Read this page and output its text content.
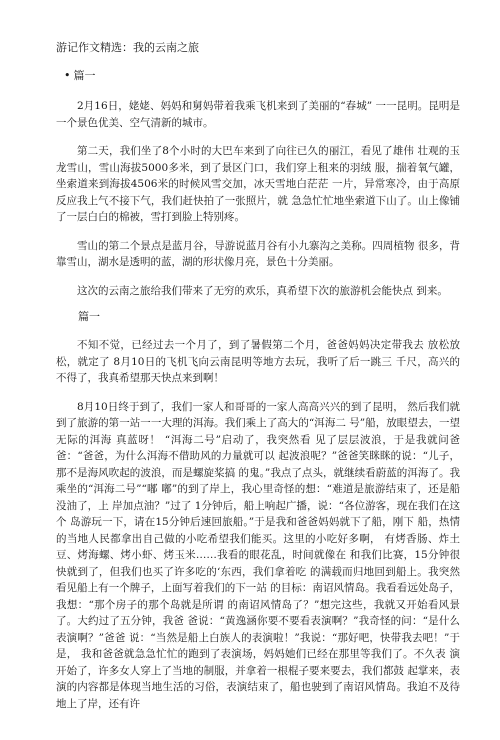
游记作文精选：我的云南之旅
• 篇一

2月16日，姥姥、妈妈和舅妈带着我乘飞机来到了美丽的“春城” 一一昆明。昆明是一个景色优美、空气清新的城市。

第二天，我们坐了8个小时的大巴车来到了向往已久的丽江，看见了雄伟 壮观的玉龙雪山，雪山海拔5000多米，到了景区门口，我们穿上租来的羽绒 服，揣着氧气罐，坐索道来到海拔4506米的时候风雪交加，冰天雪地白茫茫 一片，异常寒冷，由于高原反应我上气不接下气，我们赶快拍了一张照片，就 急急忙忙地坐索道下山了。山上像铺了一层白白的棉被，雪打到脸上特别疼。

雪山的第二个景点是蓝月谷，导游说蓝月谷有小九寨沟之美称。四周植物 很多，背靠雪山，湖水是透明的蓝，湖的形状像月亮，景色十分美丽。

这次的云南之旅给我们带来了无穷的欢乐，真希望下次的旅游机会能快点 到来。

篇一

不知不觉，已经过去一个月了，到了暑假第二个月，爸爸妈妈决定带我去 放松放松，就定了 8月10日的飞机飞向云南昆明等地方去玩，我听了后一跳三 千尺，高兴的不得了，我真希望那天快点来到啊！

8月10日终于到了，我们一家人和哥哥的一家人高高兴兴的到了昆明， 然后我们就到了旅游的第一站一一大理的洱海。我们乘上了高大的“洱海二 号”船，放眼望去，一望无际的洱海 真蓝呀！ “洱海二号”启动了，我突然看 见了层层波浪，于是我就问爸爸：“爸爸，为什么洱海不借助风的力量就可以 起波浪呢？”爸爸笑眯眯的说：“儿子，那不是海风吹起的波浪，而是螺旋桨搞 的鬼。”我点了点头，就继续看蔚蓝的洱海了。我乘坐的“洱海二号”“嘟 嘟”的到了岸上，我心里奇怪的想：“难道是旅游结束了，还是船没油了，上 岸加点油？”过了 1分钟后，船上响起广播，说：“各位游客，现在我们在这个 岛游玩一下，请在15分钟后速回旅船。”于是我和爸爸妈妈就下了船，刚下 船，热情的当地人民都拿出自己做的小吃希望我们能买。这里的小吃好多啊， 有烤香肠、炸土豆、烤海螺、烤小虾、烤玉米……我看的眼花乱，时间就像在 和我们比赛，15分钟很快就到了，但我们也买了许多吃的‘东西，我们拿着吃 的满载而归地回到船上。我突然看见船上有一个牌子，上面写着我们的下一站 的目标：南诏风情岛。我看看远处岛子，我想：“那个房子的那个岛就是所谓 的南诏风情岛了？”想完这些，我就又开始看风景了。大约过了五分钟，我爸 爸说：“黄逸涵你要不要看表演啊？”我奇怪的问：“是什么表演啊？”爸爸 说：“当然是船上白族人的表演啦！”我说：“那好吧，快带我去吧！”于是， 我和爸爸就急急忙忙的跑到了表演场，妈妈她们已经在那里等我们了。不久表 演开始了，许多女人穿上了当地的制服，并拿着一根棍子要来要去，我们都鼓 起掌来，表演的内容都是体现当地生活的习俗，表演结束了，船也驶到了南诏风情岛。我迫不及待地上了岸，还有许
